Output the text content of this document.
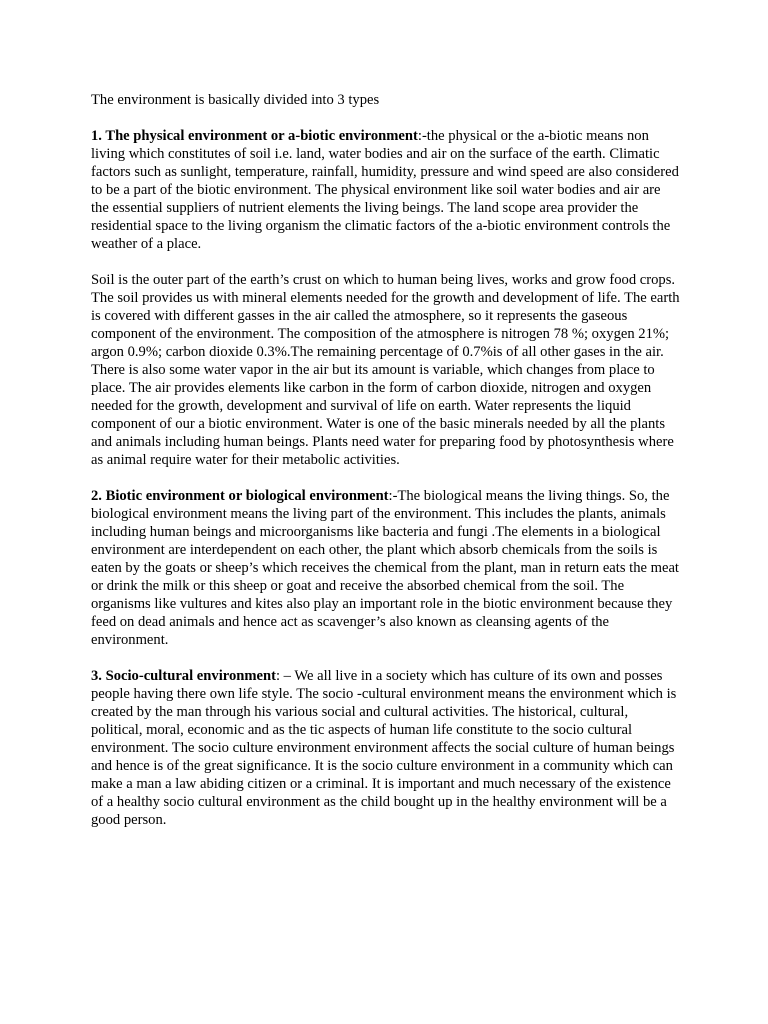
The environment is basically divided into 3 types

1. The physical environment or a-biotic environment:-the physical or the a-biotic means non living which constitutes of soil i.e. land, water bodies and air on the surface of the earth. Climatic factors such as sunlight, temperature, rainfall, humidity, pressure and wind speed are also considered to be a part of the biotic environment. The physical environment like soil water bodies and air are the essential suppliers of nutrient elements the living beings. The land scope area provider the residential space to the living organism the climatic factors of the a-biotic environment controls the weather of a place.

Soil is the outer part of the earth’s crust on which to human being lives, works and grow food crops. The soil provides us with mineral elements needed for the growth and development of life. The earth is covered with different gasses in the air called the atmosphere, so it represents the gaseous component of the environment. The composition of the atmosphere is nitrogen 78 %; oxygen 21%; argon 0.9%; carbon dioxide 0.3%.The remaining percentage of 0.7%is of all other gases in the air. There is also some water vapor in the air but its amount is variable, which changes from place to place. The air provides elements like carbon in the form of carbon dioxide, nitrogen and oxygen needed for the growth, development and survival of life on earth. Water represents the liquid component of our a biotic environment. Water is one of the basic minerals needed by all the plants and animals including human beings. Plants need water for preparing food by photosynthesis where as animal require water for their metabolic activities.

2. Biotic environment or biological environment:-The biological means the living things. So, the biological environment means the living part of the environment. This includes the plants, animals including human beings and microorganisms like bacteria and fungi .The elements in a biological environment are interdependent on each other, the plant which absorb chemicals from the soils is eaten by the goats or sheep’s which receives the chemical from the plant, man in return eats the meat or drink the milk or this sheep or goat and receive the absorbed chemical from the soil. The organisms like vultures and kites also play an important role in the biotic environment because they feed on dead animals and hence act as scavenger’s also known as cleansing agents of the environment.

3. Socio-cultural environment: – We all live in a society which has culture of its own and posses people having there own life style. The socio -cultural environment means the environment which is created by the man through his various social and cultural activities. The historical, cultural, political, moral, economic and as the tic aspects of human life constitute to the socio cultural environment. The socio culture environment environment affects the social culture of human beings and hence is of the great significance. It is the socio culture environment in a community which can make a man a law abiding citizen or a criminal. It is important and much necessary of the existence of a healthy socio cultural environment as the child bought up in the healthy environment will be a good person.
